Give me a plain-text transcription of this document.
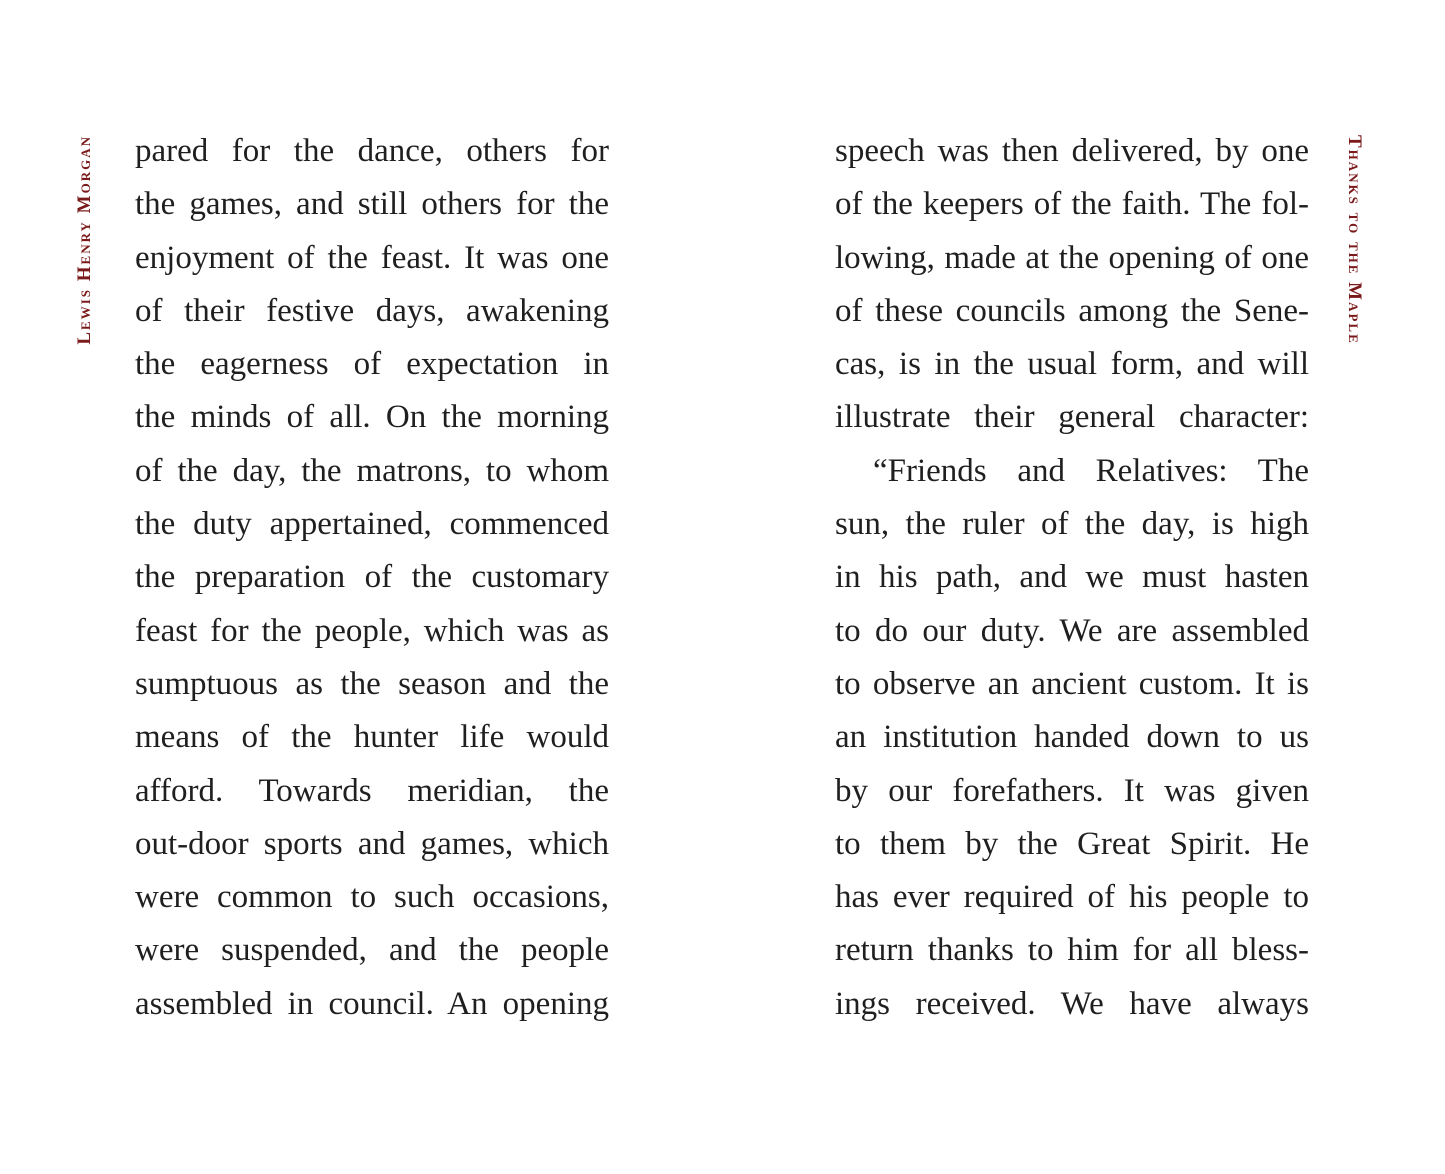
Lewis Henry Morgan pared for the dance, others for
the games, and still others for the
enjoyment of the feast. It was one
of their festive days, awakening
the eagerness of expectation in
the minds of all. On the morning
of the day, the matrons, to whom
the duty appertained, commenced
the preparation of the customary
feast for the people, which was as
sumptuous as the season and the
means of the hunter life would
afford. Towards meridian, the
out-door sports and games, which
were common to such occasions,
were suspended, and the people
assembled in council. An opening
speech was then delivered, by one
of the keepers of the faith. The fol-
lowing, made at the opening of one
of these councils among the Sene-
cas, is in the usual form, and will
illustrate their general character:
“Friends and Relatives: The
sun, the ruler of the day, is high
in his path, and we must hasten
to do our duty. We are assembled
to observe an ancient custom. It is
an institution handed down to us
by our forefathers. It was given
to them by the Great Spirit. He
has ever required of his people to
return thanks to him for all bless-
ings received. We have always
Thanks to the Maple
